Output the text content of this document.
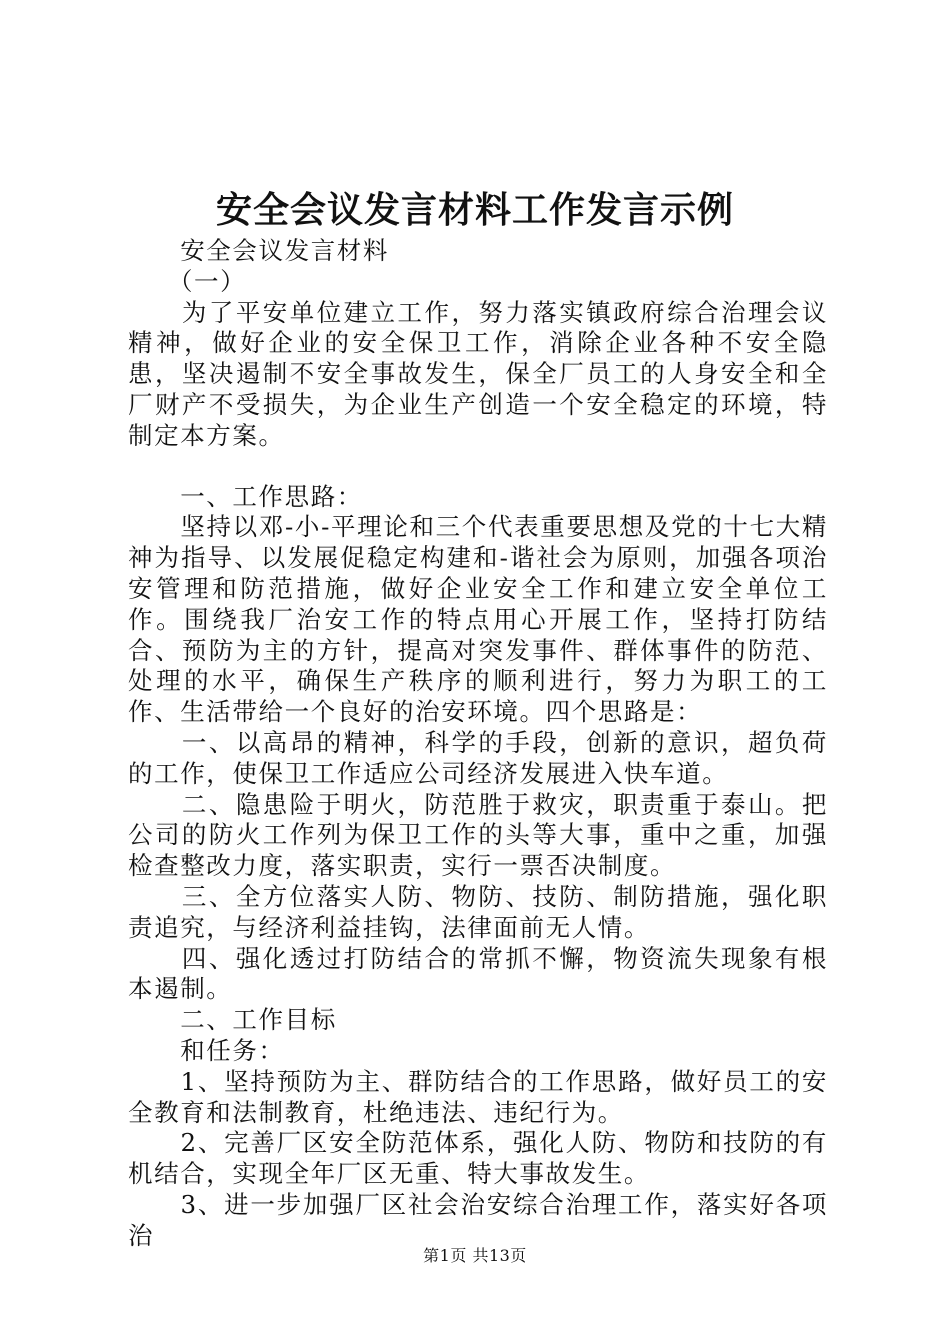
安全会议发言材料工作发言示例

　　安全会议发言材料

　　（一）

　　为了平安单位建立工作，努力落实镇政府综合治理会议精神，做好企业的安全保卫工作，消除企业各种不安全隐患，坚决遏制不安全事故发生，保全厂员工的人身安全和全厂财产不受损失，为企业生产创造一个安全稳定的环境，特制定本方案。

　　一、工作思路：

　　坚持以邓-小-平理论和三个代表重要思想及党的十七大精神为指导、以发展促稳定构建和-谐社会为原则，加强各项治安管理和防范措施，做好企业安全工作和建立安全单位工作。围绕我厂治安工作的特点用心开展工作，坚持打防结合、预防为主的方针，提高对突发事件、群体事件的防范、处理的水平，确保生产秩序的顺利进行，努力为职工的工作、生活带给一个良好的治安环境。四个思路是：

　　一、以高昂的精神，科学的手段，创新的意识，超负荷的工作，使保卫工作适应公司经济发展进入快车道。

　　二、隐患险于明火，防范胜于救灾，职责重于泰山。把公司的防火工作列为保卫工作的头等大事，重中之重，加强检查整改力度，落实职责，实行一票否决制度。

　　三、全方位落实人防、物防、技防、制防措施，强化职责追究，与经济利益挂钩，法律面前无人情。

　　四、强化透过打防结合的常抓不懈，物资流失现象有根本遏制。

　　二、工作目标

　　和任务：

　　1、坚持预防为主、群防结合的工作思路，做好员工的安全教育和法制教育，杜绝违法、违纪行为。

　　2、完善厂区安全防范体系，强化人防、物防和技防的有机结合，实现全年厂区无重、特大事故发生。

　　3、进一步加强厂区社会治安综合治理工作，落实好各项治

第1页 共13页
